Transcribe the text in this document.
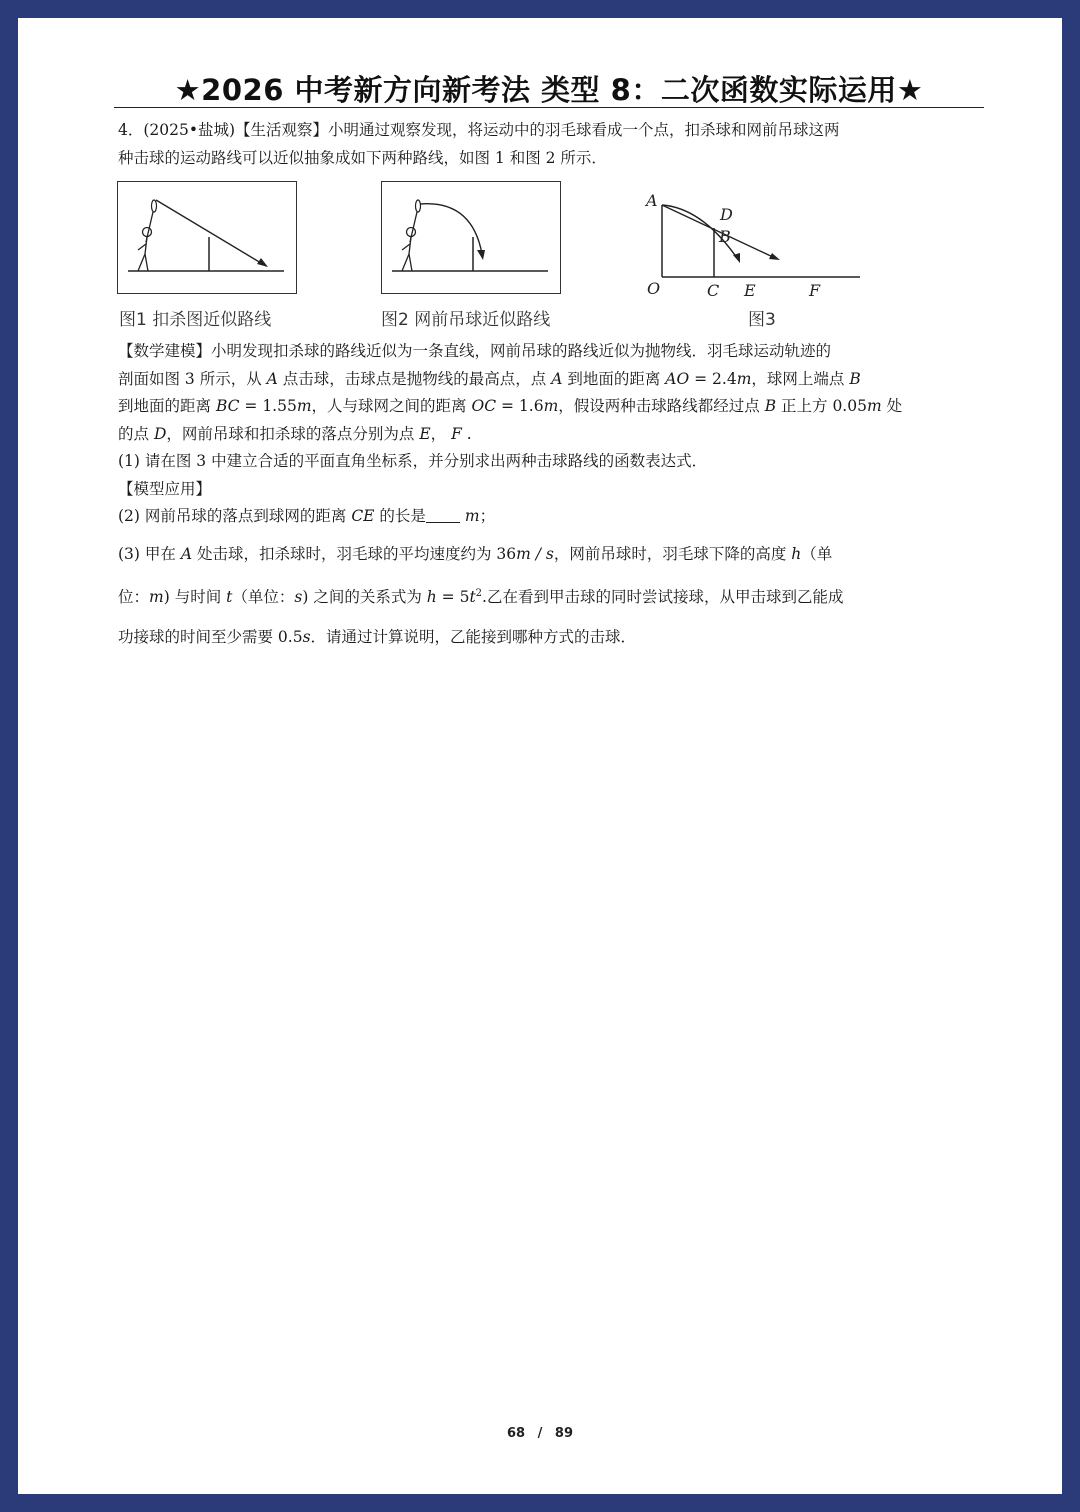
★2026 中考新方向新考法 类型 8：二次函数实际运用★

4．(2025•盐城)【生活观察】小明通过观察发现，将运动中的羽毛球看成一个点，扣杀球和网前吊球这两

种击球的运动路线可以近似抽象成如下两种路线，如图 1 和图 2 所示．

图1 扣杀图近似路线	图2 网前吊球近似路线
A
B
D
O	C E	F
图3

【数学建模】小明发现扣杀球的路线近似为一条直线，网前吊球的路线近似为抛物线．羽毛球运动轨迹的

剖面如图 3 所示，从 A 点击球，击球点是抛物线的最高点，点 A 到地面的距离 AO = 2.4m，球网上端点 B

到地面的距离 BC = 1.55m，人与球网之间的距离 OC = 1.6m，假设两种击球路线都经过点 B 正上方 0.05m 处

的点 D，网前吊球和扣杀球的落点分别为点 E， F .

(1) 请在图 3 中建立合适的平面直角坐标系，并分别求出两种击球路线的函数表达式．

【模型应用】

(2) 网前吊球的落点到球网的距离 CE 的长是 m；

(3) 甲在 A 处击球，扣杀球时，羽毛球的平均速度约为 36m / s，网前吊球时，羽毛球下降的高度 h（单

位：m) 与时间 t（单位：s) 之间的关系式为 $h = 5t^2$.乙在看到甲击球的同时尝试接球，从甲击球到乙能成

功接球的时间至少需要 0.5s．请通过计算说明，乙能接到哪种方式的击球．

68 / 89
